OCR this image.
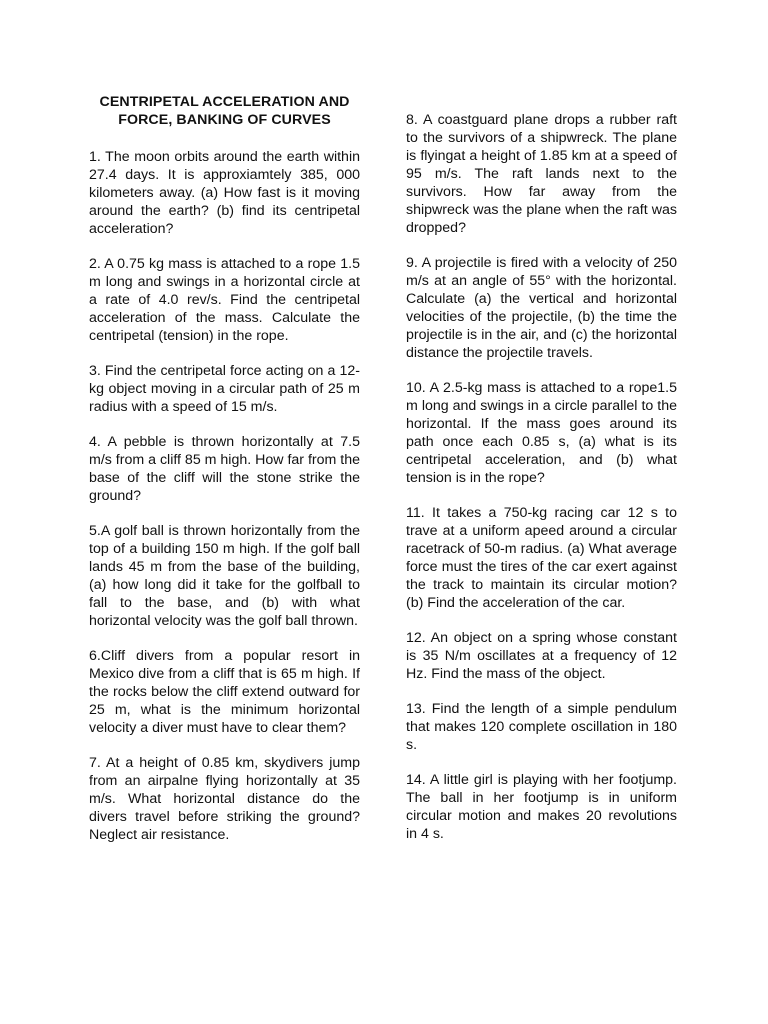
CENTRIPETAL ACCELERATION AND FORCE, BANKING OF CURVES

1. The moon orbits around the earth within 27.4 days. It is approxiamtely 385, 000 kilometers away. (a) How fast is it moving around the earth? (b) find its centripetal acceleration?

2. A 0.75 kg mass is attached to a rope 1.5 m long and swings in a horizontal circle at a rate of 4.0 rev/s. Find the centripetal acceleration of the mass. Calculate the centripetal (tension) in the rope.

3. Find the centripetal force acting on a 12-kg object moving in a circular path of 25 m radius with a speed of 15 m/s.

4. A pebble is thrown horizontally at 7.5 m/s from a cliff 85 m high. How far from the base of the cliff will the stone strike the ground?

5.A golf ball is thrown horizontally from the top of a building 150 m high. If the golf ball lands 45 m from the base of the building, (a) how long did it take for the golfball to fall to the base, and (b) with what horizontal velocity was the golf ball thrown.

6.Cliff divers from a popular resort in Mexico dive from a cliff that is 65 m high. If the rocks below the cliff extend outward for 25 m, what is the minimum horizontal velocity a diver must have to clear them?

7. At a height of 0.85 km, skydivers jump from an airpalne flying horizontally at 35 m/s. What horizontal distance do the divers travel before striking the ground? Neglect air resistance.

8. A coastguard plane drops a rubber raft to the survivors of a shipwreck. The plane is flyingat a height of 1.85 km at a speed of 95 m/s. The raft lands next to the survivors. How far away from the shipwreck was the plane when the raft was dropped?

9. A projectile is fired with a velocity of 250 m/s at an angle of 55° with the horizontal. Calculate (a) the vertical and horizontal velocities of the projectile, (b) the time the projectile is in the air, and (c) the horizontal distance the projectile travels.

10. A 2.5-kg mass is attached to a rope1.5 m long and swings in a circle parallel to the horizontal. If the mass goes around its path once each 0.85 s, (a) what is its centripetal acceleration, and (b) what tension is in the rope?

11. It takes a 750-kg racing car 12 s to trave at a uniform apeed around a circular racetrack of 50-m radius. (a) What average force must the tires of the car exert against the track to maintain its circular motion? (b) Find the acceleration of the car.

12. An object on a spring whose constant is 35 N/m oscillates at a frequency of 12 Hz. Find the mass of the object.

13. Find the length of a simple pendulum that makes 120 complete oscillation in 180 s.

14. A little girl is playing with her footjump. The ball in her footjump is in uniform circular motion and makes 20 revolutions in 4 s.
